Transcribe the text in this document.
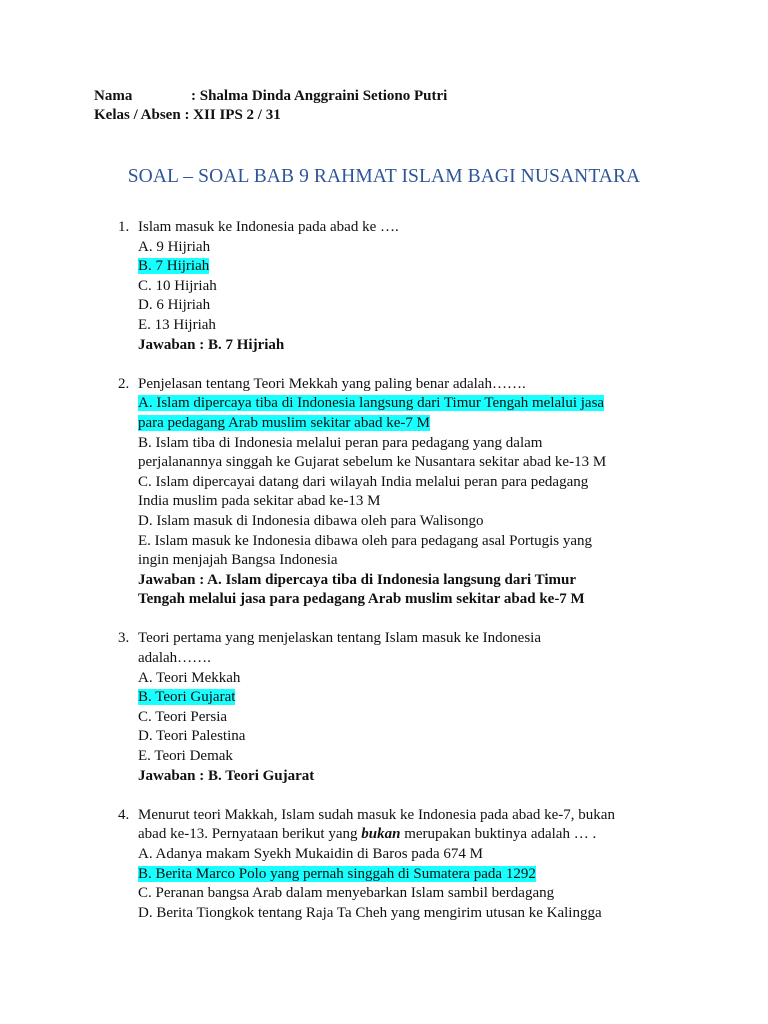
Nama	: Shalma Dinda Anggraini Setiono Putri
Kelas / Absen
: XII IPS 2 / 31
SOAL – SOAL BAB 9 RAHMAT ISLAM BAGI NUSANTARA
1. Islam masuk ke Indonesia pada abad ke ….
A. 9 Hijriah
B. 7 Hijriah
C. 10 Hijriah
D. 6 Hijriah
E. 13 Hijriah
Jawaban : B. 7 Hijriah
2. Penjelasan tentang Teori Mekkah yang paling benar adalah…….
A. Islam dipercaya tiba di Indonesia langsung dari Timur Tengah melalui jasa
para pedagang Arab muslim sekitar abad ke-7 M
B. Islam tiba di Indonesia melalui peran para pedagang yang dalam
perjalanannya singgah ke Gujarat sebelum ke Nusantara sekitar abad ke-13 M
C. Islam dipercayai datang dari wilayah India melalui peran para pedagang
India muslim pada sekitar abad ke-13 M
D. Islam masuk di Indonesia dibawa oleh para Walisongo
E. Islam masuk ke Indonesia dibawa oleh para pedagang asal Portugis yang
ingin menjajah Bangsa Indonesia
Jawaban : A. Islam dipercaya tiba di Indonesia langsung dari Timur
Tengah melalui jasa para pedagang Arab muslim sekitar abad ke-7 M
3. Teori pertama yang menjelaskan tentang Islam masuk ke Indonesia
adalah…….
A. Teori Mekkah
B. Teori Gujarat
C. Teori Persia
D. Teori Palestina
E. Teori Demak
Jawaban : B. Teori Gujarat
4. Menurut teori Makkah, Islam sudah masuk ke Indonesia pada abad ke-7, bukan
abad ke-13. Pernyataan berikut yang bukan merupakan buktinya adalah … .
A. Adanya makam Syekh Mukaidin di Baros pada 674 M
B. Berita Marco Polo yang pernah singgah di Sumatera pada 1292
C. Peranan bangsa Arab dalam menyebarkan Islam sambil berdagang
D. Berita Tiongkok tentang Raja Ta Cheh yang mengirim utusan ke Kalingga
